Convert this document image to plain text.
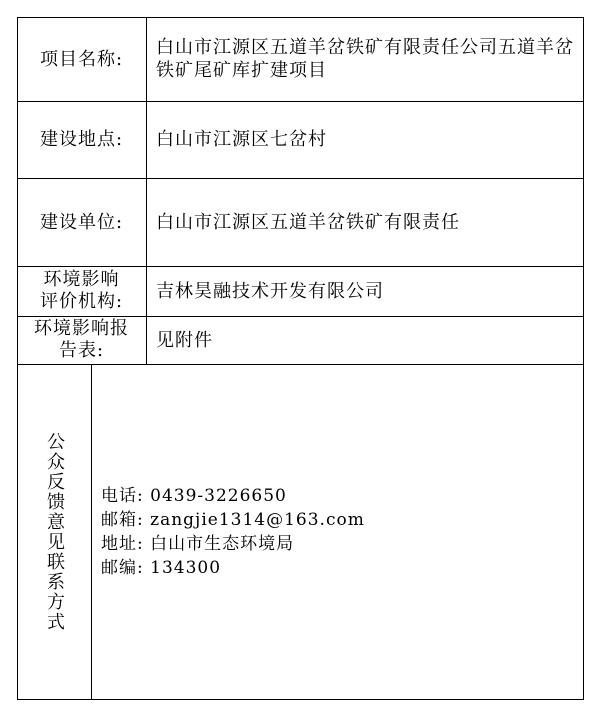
项目名称:
白山市江源区五道羊岔铁矿有限责任公司五道羊岔铁矿尾矿库扩建项目
建设地点:	白山市江源区七岔村
建设单位:	白山市江源区五道羊岔铁矿有限责任
环境影响
评价机构:	吉林昊融技术开发有限公司
环境影响报
告表:	见附件
公众反馈意见联系方式 电话: 0439-3226650
邮箱: zangjie1314@163.com
地址: 白山市生态环境局
邮编: 134300
